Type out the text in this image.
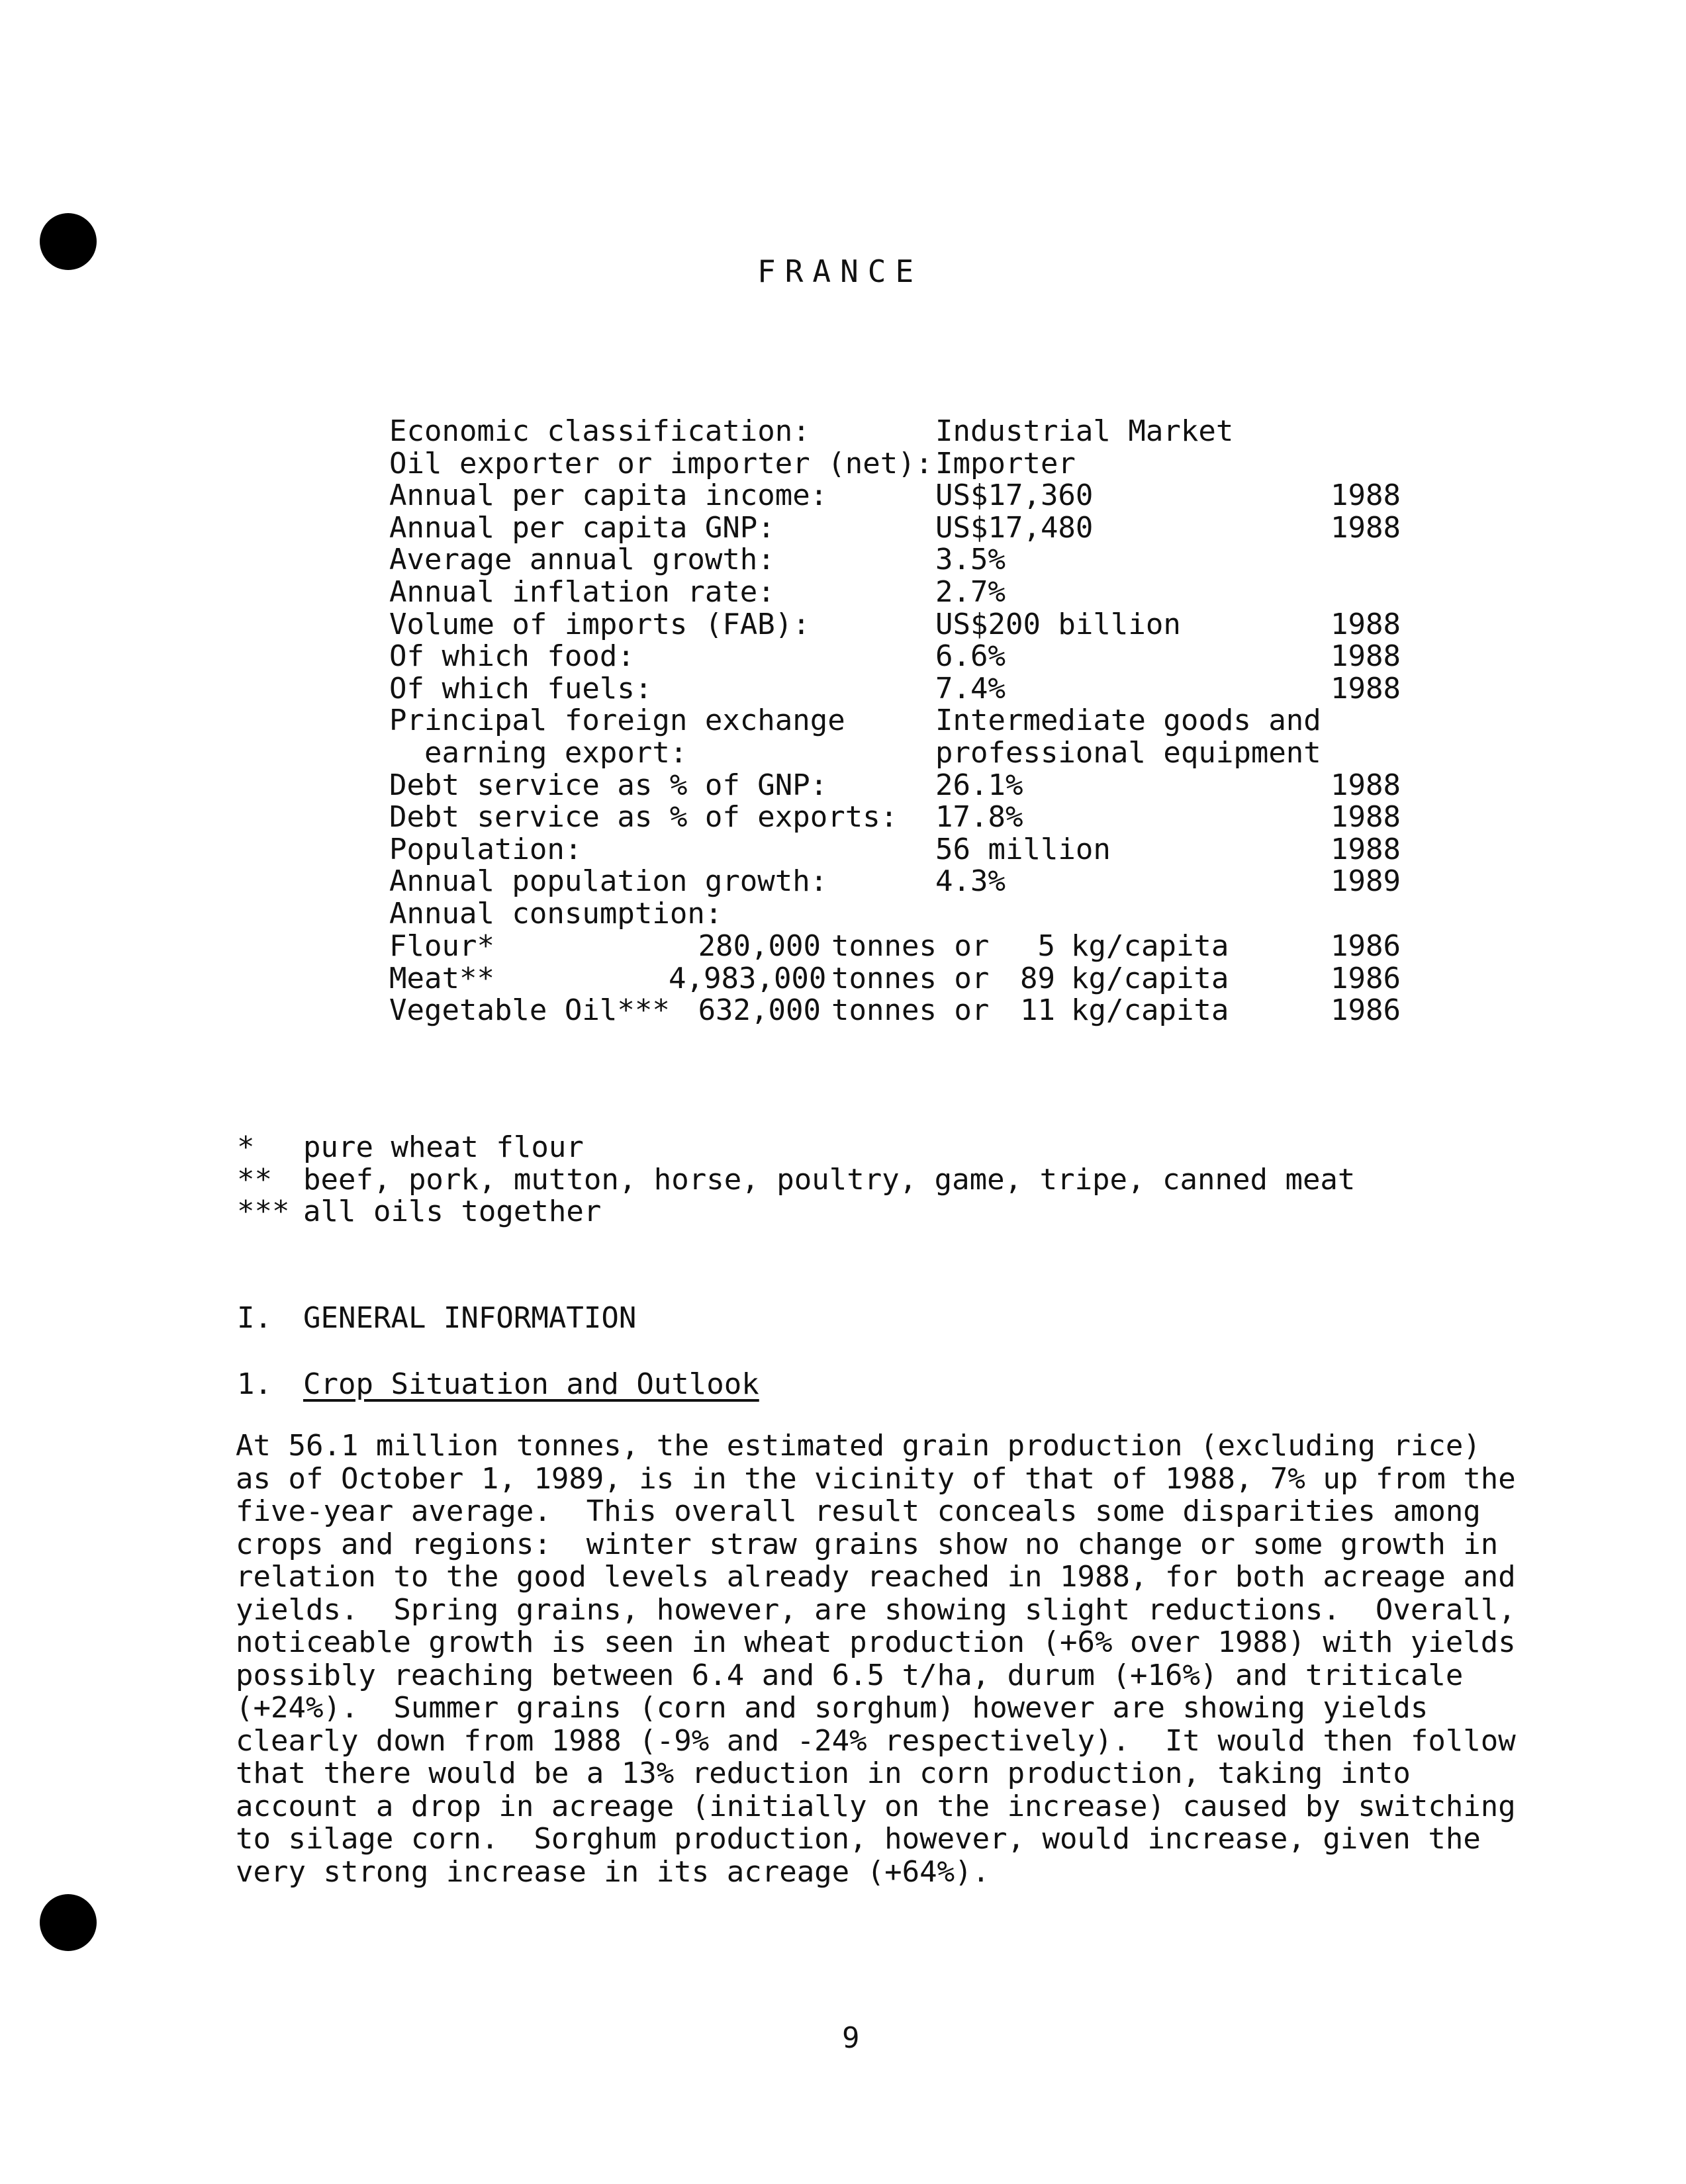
FRANCE
Economic classification:	Industrial Market
Oil exporter or importer (net): Importer
Annual per capita income:	US$17,360	1988
Annual per capita GNP:	US$17,480	1988
Average annual growth:	3.5%
Annual inflation rate:	2.7%
Volume of imports (FAB):	US$200 billion	1988
Of which food:	6.6%	1988
Of which fuels:	7.4%	1988
Principal foreign exchange	Intermediate goods and
earning export:	professional equipment
Debt service as % of GNP:	26.1%	1988
Debt service as % of exports: 17.8%	1988
Population:	56 million	1988
Annual population growth:	4.3%	1989
Annual consumption:
Flour*	280,000 tonnes or	5 kg/capita	1986
Meat**	4,983,000 tonnes or 89 kg/capita	1986
Vegetable Oil*** 632,000 tonnes or 11 kg/capita	1986
* pure wheat flour
** beef, pork, mutton, horse, poultry, game, tripe, canned meat
*** all oils together
I. GENERAL INFORMATION
1. Crop Situation and Outlook
At 56.1 million tonnes, the estimated grain production (excluding rice)
as of October 1, 1989, is in the vicinity of that of 1988, 7% up from the
five-year average.  This overall result conceals some disparities among
crops and regions:  winter straw grains show no change or some growth in
relation to the good levels already reached in 1988, for both acreage and
yields.  Spring grains, however, are showing slight reductions.  Overall,
noticeable growth is seen in wheat production (+6% over 1988) with yields
possibly reaching between 6.4 and 6.5 t/ha, durum (+16%) and triticale
(+24%).  Summer grains (corn and sorghum) however are showing yields
clearly down from 1988 (-9% and -24% respectively).  It would then follow
that there would be a 13% reduction in corn production, taking into
account a drop in acreage (initially on the increase) caused by switching
to silage corn.  Sorghum production, however, would increase, given the
very strong increase in its acreage (+64%).
9
